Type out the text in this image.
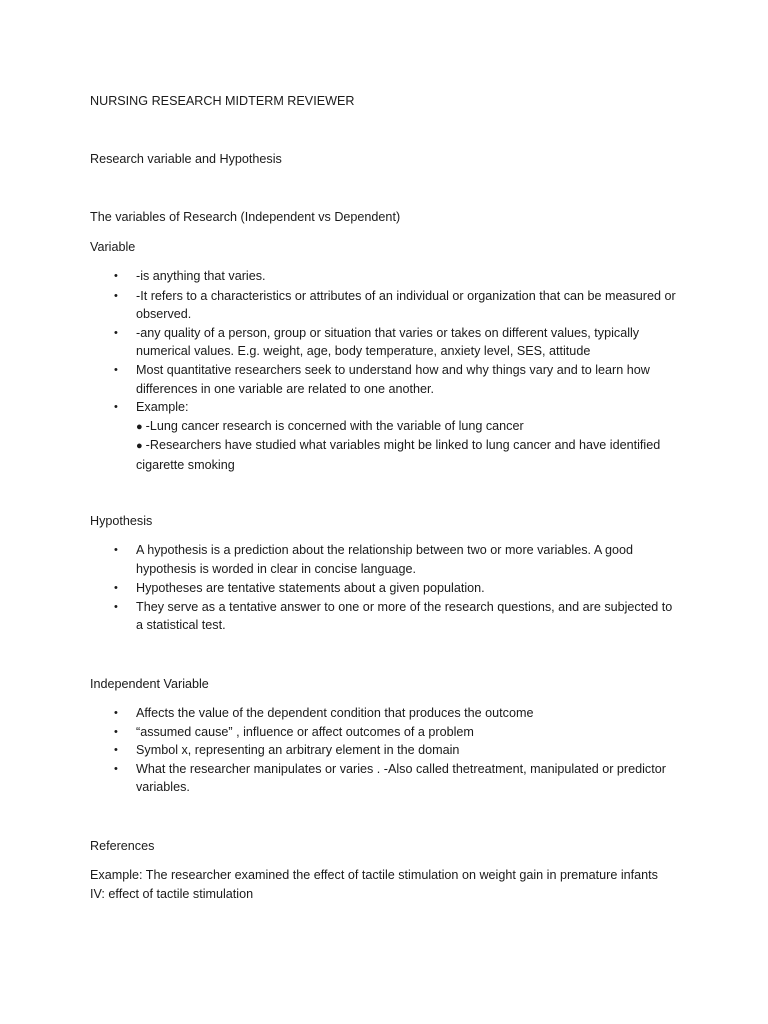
NURSING RESEARCH MIDTERM REVIEWER

Research variable and Hypothesis

The variables of Research (Independent vs Dependent)

Variable

•	-is anything that varies.
•	-It refers to a characteristics or attributes of an individual or organization that can be measured or observed.
•	-any quality of a person, group or situation that varies or takes on different values, typically numerical values. E.g. weight, age, body temperature, anxiety level, SES, attitude
•	Most quantitative researchers seek to understand how and why things vary and to learn how differences in one variable are related to one another.
•	Example:
● -Lung cancer research is concerned with the variable of lung cancer
● -Researchers have studied what variables might be linked to lung cancer and have identified cigarette smoking

Hypothesis

•	A hypothesis is a prediction about the relationship between two or more variables. A good hypothesis is worded in clear in concise language.
•	Hypotheses are tentative statements about a given population.
•	They serve as a tentative answer to one or more of the research questions, and are subjected to a statistical test.

Independent Variable

•	Affects the value of the dependent condition that produces the outcome
•	“assumed cause” , influence or affect outcomes of a problem
•	Symbol x, representing an arbitrary element in the domain
•	What the researcher manipulates or varies . -Also called thetreatment, manipulated or predictor variables.

References

Example: The researcher examined the effect of tactile stimulation on weight gain in premature infants

IV: effect of tactile stimulation
